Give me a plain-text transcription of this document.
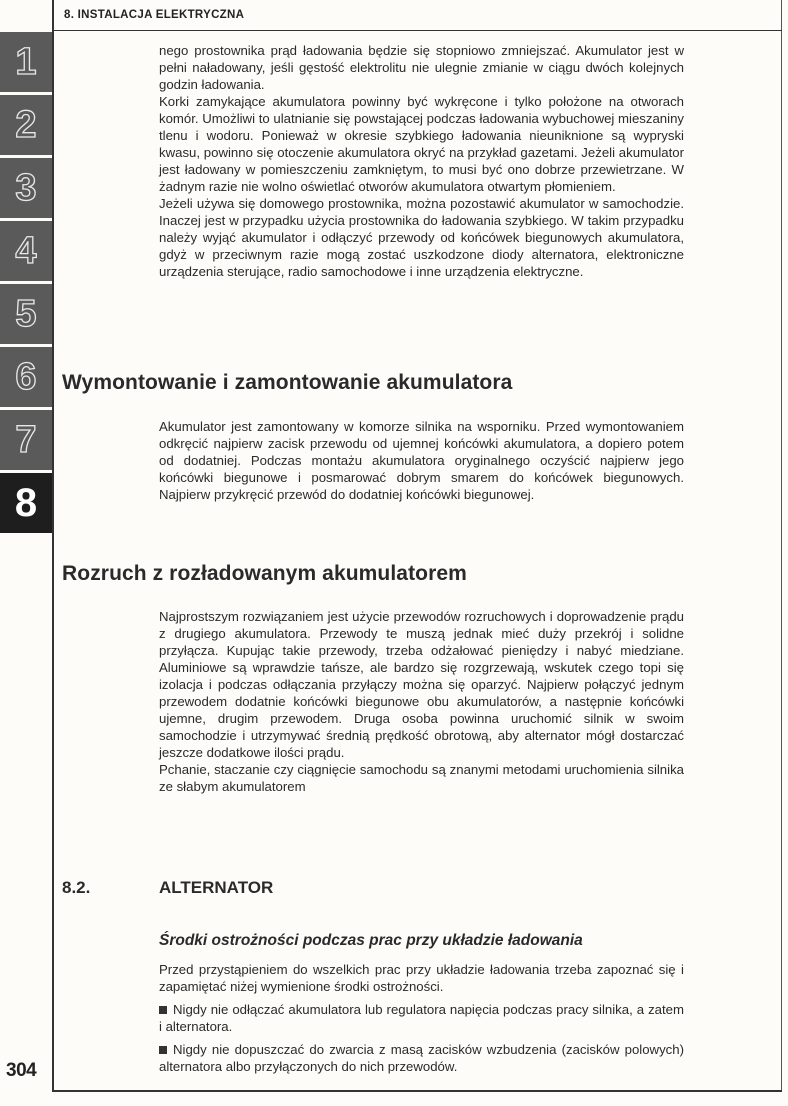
8. INSTALACJA ELEKTRYCZNA
1
2
3
4
5
6
7
8

nego prostownika prąd ładowania będzie się stopniowo zmniejszać. Akumulator jest w pełni naładowany, jeśli gęstość elektrolitu nie ulegnie zmianie w ciągu dwóch kolejnych godzin ładowania.

Korki zamykające akumulatora powinny być wykręcone i tylko położone na otworach komór. Umożliwi to ulatnianie się powstającej podczas ładowania wybuchowej mieszaniny tlenu i wodoru. Ponieważ w okresie szybkiego ładowania nieuniknione są wypryski kwasu, powinno się otoczenie akumulatora okryć na przykład gazetami. Jeżeli akumulator jest ładowany w pomieszczeniu zamkniętym, to musi być ono dobrze przewietrzane. W żadnym razie nie wolno oświetlać otworów akumulatora otwartym płomieniem.

Jeżeli używa się domowego prostownika, można pozostawić akumulator w samochodzie. Inaczej jest w przypadku użycia prostownika do ładowania szybkiego. W takim przypadku należy wyjąć akumulator i odłączyć przewody od końcówek biegunowych akumulatora, gdyż w przeciwnym razie mogą zostać uszkodzone diody alternatora, elektroniczne urządzenia sterujące, radio samochodowe i inne urządzenia elektryczne.

Wymontowanie i zamontowanie akumulatora

Akumulator jest zamontowany w komorze silnika na wsporniku. Przed wymontowaniem odkręcić najpierw zacisk przewodu od ujemnej końcówki akumulatora, a dopiero potem od dodatniej. Podczas montażu akumulatora oryginalnego oczyścić najpierw jego końcówki biegunowe i posmarować dobrym smarem do końcówek biegunowych. Najpierw przykręcić przewód do dodatniej końcówki biegunowej.

Rozruch z rozładowanym akumulatorem

Najprostszym rozwiązaniem jest użycie przewodów rozruchowych i doprowadzenie prądu z drugiego akumulatora. Przewody te muszą jednak mieć duży przekrój i solidne przyłącza. Kupując takie przewody, trzeba odżałować pieniędzy i nabyć miedziane. Aluminiowe są wprawdzie tańsze, ale bardzo się rozgrzewają, wskutek czego topi się izolacja i podczas odłączania przyłączy można się oparzyć. Najpierw połączyć jednym przewodem dodatnie końcówki biegunowe obu akumulatorów, a następnie końcówki ujemne, drugim przewodem. Druga osoba powinna uruchomić silnik w swoim samochodzie i utrzymywać średnią prędkość obrotową, aby alternator mógł dostarczać jeszcze dodatkowe ilości prądu.

Pchanie, staczanie czy ciągnięcie samochodu są znanymi metodami uruchomienia silnika ze słabym akumulatorem

8.2.	ALTERNATOR
Środki ostrożności podczas prac przy układzie ładowania

Przed przystąpieniem do wszelkich prac przy układzie ładowania trzeba zapoznać się i zapamiętać niżej wymienione środki ostrożności.

Nigdy nie odłączać akumulatora lub regulatora napięcia podczas pracy silnika, a zatem i alternatora.

Nigdy nie dopuszczać do zwarcia z masą zacisków wzbudzenia (zacisków polowych) alternatora albo przyłączonych do nich przewodów.

304
